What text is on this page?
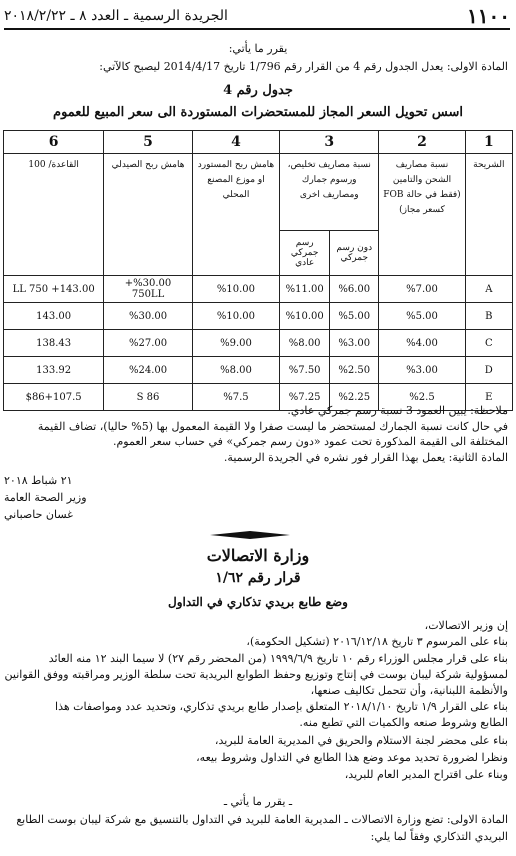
١١٠٠
الجريدة الرسمية ـ العدد ٨ ـ ٢٠١٨/٢/٢٢
يقرر ما يأتي:
المادة الاولى: يعدل الجدول رقم 4 من القرار رقم 1/796 تاريخ 2014/4/17 ليصبح كالآتي:
جدول رقم 4
اسس تحويل السعر المجاز للمستحضرات المستوردة الى سعر المبيع للعموم
1	2	3		4	5	6
الشريحة	نسبة مصاريف الشحن والتامين (فقط في حالة FOB كسعر مجاز)	نسبة مصاريف تخليص، ورسوم جمارك ومصاريف اخرى		هامش ربح المستورد او موزع المصنع المحلي	هامش ربح الصيدلي	القاعدة/ 100
		دون رسم جمركي	رسم جمركي عادي			
A	%7.00	%6.00	%11.00	%10.00	%30.00+ 750LL	143.00+ 750 LL
B	%5.00	%5.00	%10.00	%10.00	%30.00	143.00
C	%4.00	%3.00	%8.00	%9.00	%27.00	138.43
D	%3.00	%2.50	%7.50	%8.00	%24.00	133.92
E	%2.5	%2.25	%7.25	%7.5	S 86	$86+107.5
ملاحظة: يبين العمود 3 نسبة رسم جمركي عادي.
في حال كانت نسبة الجمارك لمستحضر ما ليست صفرا ولا القيمة المعمول بها (5% حاليا)، تضاف القيمة
المختلفة الى القيمة المذكورة تحت عمود «دون رسم جمركي» في حساب سعر العموم.
المادة الثانية: يعمل بهذا القرار فور نشره في الجريدة الرسمية.
٢١ شباط ٢٠١٨
وزير الصحة العامة
غسان حاصباني
وزارة الاتصالات
قرار رقم ١/٦٢
وضع طابع بريدي تذكاري في التداول
إن وزير الاتصالات،
بناء على المرسوم ٣ تاريخ ٢٠١٦/١٢/١٨ (تشكيل الحكومة)،
بناء على قرار مجلس الوزراء رقم ١٠ تاريخ ١٩٩٩/٦/٩ (من المحضر رقم ٢٧) لا سيما البند ١٢ منه العائد
لمسؤولية شركة ليبان بوست في إنتاج وتوزيع وحفظ الطوابع البريدية تحت سلطة الوزير ومراقبته ووفق القوانين
والأنظمة اللبنانية، وأن تتحمل تكاليف صنعها،
بناء على القرار ١/٩ تاريخ ٢٠١٨/١/١٠ المتعلق بإصدار طابع بريدي تذكاري، وتحديد عدد ومواصفات هذا
الطابع وشروط صنعه والكميات التي تطبع منه.
بناء على محضر لجنة الاستلام والحريق في المديرية العامة للبريد،
ونظرا لضرورة تحديد موعد وضع هذا الطابع في التداول وشروط بيعه،
وبناء على اقتراح المدير العام للبريد،
ـ يقرر ما يأتي ـ
المادة الاولى: تضع وزارة الاتصالات ـ المديرية العامة للبريد في التداول بالتنسيق مع شركة ليبان بوست الطابع
البريدي التذكاري وفقاً لما يلي:
